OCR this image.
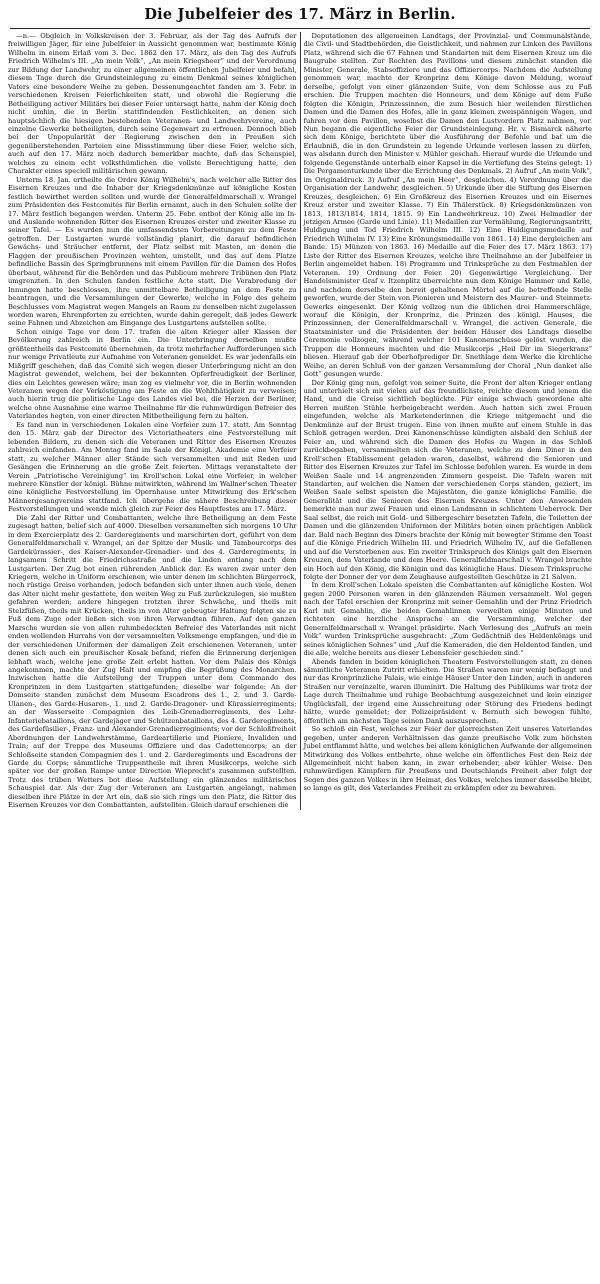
Die Jubelfeier des 17. März in Berlin.

—n.— Obgleich in Volkskreisen der 3. Februar, als der Tag des Aufrufs der freiwilligen Jäger, für eine Jubelfeier in Aussicht genommen war, bestimmte König Wilhelm in einem Erlaß vom 3. Dec. 1862 den 17. März, als den Tag des Aufrufs Friedrich Wilhelm's III. „An mein Volk“, „An mein Kriegsheer“ und der Verordnung zur Bildung der Landwehr, zu einer allgemeinen öffentlichen Jubelfeier und befahl, diesem Tage durch die Grundsteinlegung zu einem Denkmal seines königlichen Vaters eine besondere Weihe zu geben. Dessenungeachtet fanden am 3. Febr. in verschiedenen Kreisen Feierlichkeiten statt, und obwohl die Regierung die Betheiligung activer Militärs bei dieser Feier untersagt hatte, nahm der König doch nicht umhin, die in Berlin stattfindenden Festlichkeiten, an denen sich hauptsächlich die hiesigen bestehenden Veteranen- und Landwehrvereine, auch einzelne Gewerke betheiligten, durch seine Gegenwart zu erfreuen. Dennoch blieb bei der Unpopularität der Regierung zwischen den in Preußen sich gegenüberstehenden Parteien eine Missstimmung über diese Feier, welche sich, auch auf den 17. März noch dadurch bemerkbar machte, daß das Schauspiel, welches zu einem echt volksthümlichen die vollste Berechtigung hatte, den Charakter eines speciell militärischen gewann.

Unterm 18. Jan. ertheilte die Ordre König Wilhelm's, nach welcher alle Ritter des Eisernen Kreuzes und die Inhaber der Kriegsdenkmünze auf königliche Kosten festlich bewirthet werden sollten und wurde der Generalfeldmarschall v. Wrangel zum Präsidenten des Festcomités für Berlin ernannt, auch in den Schulen sollte der 17. März festlich begangen werden. Unterm 25. Febr. entbot der König alle im In- und Auslande wohnenden Ritter des Eisernen Kreuzes erster und zweiter Klasse zu seiner Tafel. — Es wurden nun die umfassendsten Vorbereitungen zu dem Feste getroffen. Der Lustgarten wurde vollständig planirt, die darauf befindlichen Gewächs- und Sträucher entfernt, der Platz selbst mit Masten, an denen die Flaggen der preußischen Provinzen wehten, umstellt, und das auf dem Platze befindliche Bassin des Springbrunnens mit einem Pavillon für die Damen des Hofes überbaut, während für die Behörden und das Publicum mehrere Tribünen den Platz umgrenzten. In den Schulen fanden festliche Acte statt. Die Verabredung der Innungen hatte beschlossen, ihre unmittelbare Betheiligung an dem Feste zu beantragen, und die Versammlungen der Gewerke, welche in Folge des geheim Beschlusses vom Magistrat wegen Mangels an Raum zu denselben nicht zugelassen worden waren, Ehrenpforten zu errichten, wurde dahin geregelt, daß jedes Gewerk seine Fahnen und Abzeichen am Eingange des Lustgartens aufstellen sollte.

Schon einige Tage vor dem 17. trafen die alten Krieger aller Klassen der Bevölkerung zahlreich in Berlin ein. Die Unterbringung derselben mußte größtentheils das Festcomité übernehmen, da trotz mehrfacher Aufforderungen sich nur wenige Privatleute zur Aufnahme von Veteranen gemeldet. Es war jedenfalls ein Mißgriff geschehen, daß das Comité sich wegen dieser Unterbringung nicht an den Magistrat gewendet, welchem, bei der bekannten Opferfreudigkeit der Berliner, dies ein Leichtes gewesen wäre; man zog es vielmehr vor, die in Berlin wohnenden Veteranen wegen der Verköstigung am Feste an die Wohlthätigkeit zu verweisen; auch hierin trug die politische Lage des Landes viel bei, die Herzen der Berliner, welche ohne Ausnahme eine warme Theilnahme für die ruhmwürdigen Befreier des Vaterlandes hegten, von einer directen Mitbetheiligung fern zu halten.

Es fand nun in verschiedenen Lokalen eine Vorfeier zum 17. statt. Am Sonntag den 15. März gab der Director des Victoriatheaters eine Festvorstellung mit lebenden Bildern, zu denen sich die Veteranen und Ritter des Eisernen Kreuzes zahlreich einfanden. Am Montag fand im Saale der Königl. Akademie eine Vorfeier statt, zu welcher Männer aller Stände sich versammelten und mit Reden und Gesängen die Erinnerung an die große Zeit feierten. Mittags veranstaltete der Verein „Patriotische Vereinigung“ im Kroll'schen Lokal eine Vorfeier, in welcher mehrere Künstler der königl. Bühne mitwirkten, während im Wallner'schen Theater eine königliche Festvorstellung im Opernhause unter Mitwirkung des Erk'schen Männergesangvereins stattfand. Ich übergehe die nähere Beschreibung dieser Festvorstellungen und wende mich gleich zur Feier des Hauptfestes am 17. März.

Die Zahl der Ritter und Combattanten, welche ihre Betheiligung an dem Feste zugesagt hatten, belief sich auf 4000. Dieselben versammelten sich morgens 10 Uhr in dem Exercierplatz des 2. Garderegiments und marschirten dort, geführt von dem Generalfeldmarschall v. Wrangel, an der Spitze der Musik- und Tambourcorps des Gardekürassier-, des Kaiser-Alexander-Grenadier- und des 4. Garderegiments, in langsamem Schritt die Friedrichsstraße und die Linden entlang nach dem Lustgarten. Der Zug bot einen rührenden Anblick dar. Es waren zwar unter den Kriegern, welche in Uniform erschienen, wie unter denen im schlichten Bürgerrock, noch rüstige Greise vorhanden, jedoch befanden sich unter ihnen auch viele, denen das Alter nicht mehr gestattete, den weiten Weg zu Fuß zurückzulegen, sie mußten gefahren werden; andere hingegen trotzten ihrer Schwäche, und theils mit Stelzfüßen, theils mit Krücken, theils in von Alter gebeugter Haltung folgten sie zu Fuß dem Zuge oder ließen sich von ihren Verwandten führen. Auf den ganzen Marsche wurden sie von allen ruhmbedeckten Befreier des Vaterlandes mit nicht enden wollenden Hurrahs von der versammelten Volksmenge empfangen, und die in der verschiedenen Uniformen der damaligen Zeit erschienenen Veteranen, unter denen sich auch ein preußischer Kosak befand, riefen die Erinnerung derjenigen lebhaft wach, welche jene große Zeit erlebt hatten. Vor dem Palais des Königs angekommen, machte der Zug Halt und empfing die Begrüßung des Monarchen. Inzwischen hatte die Aufstellung der Truppen unter dem Commando des Kronprinzen in dem Lustgarten stattgefunden; dieselbe war folgende: An der Domseite standen zunächst dem Museum Escadrons des 1., 2. und 3. Garde-Ulanen-, des Garde-Husaren-, 1. und 2. Garde-Dragoner- und Kürassierregiments; an der Wasserseite Compagnien des Leib-Grenadierregiments, des Lehr-Infanteriebataillons, der Gardejäger und Schützenbataillons, des 4. Garderegiments, des Gardefüsilier-, Franz- und Alexander-Grenadierregiments; vor der Schloßfreiheit Abordnungen der Landwehrstämme, Gardeartillerie und Pioniere, Invaliden und Train; auf der Treppe des Museums Offiziere und das Cadettencorps; an der Schloßseite standen Compagnien des 1. und 2. Garderegiments und Escadrons der Garde du Corps; sämmtliche Truppentheile mit ihren Musikcorps, welche sich später vor der großen Rampe unter Direction Wieprecht's zusammen aufstellten. Trotz des trüben Wetters bot diese Aufstellung ein glänzendes militärisches Schauspiel dar. Als der Zug der Veteranen am Lustgarten angelangt, nahmen dieselben ihre Plätze in der Art ein, daß sie sich rings um den Platz, die Ritter des Eisernen Kreuzes vor den Combattanten, aufstellten. Gleich darauf erschienen die

Deputationen des allgemeinen Landtags, der Provinzial- und Communalstände, die Civil- und Stadtbehörden, die Geistlichkeit, und nahmen zur Linken des Pavillons Platz, während sich die 67 Fahnen und Standarten mit dem Eisernen Kreuz um die Baugrube stellten. Zur Rechten des Pavillons und diesem zunächst standen die Minister, Generale, Stabsoffiziere und das Offiziercorps. Nachdem die Aufstellung genommen war, machte der Kronprinz dem Könige davon Meldung, worauf derselbe, gefolgt von einer glänzenden Suite, von dem Schlosse aus zu Fuß erschien. Die Truppen machten die Honneurs, und dem Könige auf dem Fuße folgten die Königin, Prinzessinnen, die zum Besuch hier weilenden fürstlichen Damen und die Damen des Hofes, alle in ganz kleinen zweispännigen Wagen, und fuhren vor dem Pavillon, woselbst die Damen den Lustvordern Platz nahmen, vor. Nun begann die eigentliche Feier der Grundsteinlegung. Hr. v. Bismarck näherte sich dem Könige, berichtete über die Ausführung der Befehle und bat um die Erlaubniß, die in den Grundstein zu legende Urkunde verlesen lassen zu dürfen, was alsdann durch den Minister v. Mühler geschah. Hierauf wurde die Urkunde und folgende Gegenstände unterhalb einer Kapsel in die Vertiefung des Steins gelegt: 1) Die Pergamenturkunde über die Errichtung des Denkmals. 2) Aufruf „An mein Volk“, im Originaldruck. 3) Aufruf „An mein Heer“, desgleichen. 4) Verordnung über die Organisation der Landwehr, desgleichen. 5) Urkunde über die Stiftung des Eisernen Kreuzes, desgleichen. 6) Ein Großkreuz des Eisernen Kreuzes und ein Eisernes Kreuz erster und zweiter Klasse. 7) Ein Thälerstück. 8) Kriegsdenkmünzen von 1813, 1813/1814, 1814, 1815. 9) Ein Landwehrkreuz. 10) Zwei Helmadler der jetzigen Armee (Garde und Linie). 11) Medaillen zur Vermählung, Regierungsantritt, Huldigung und Tod Friedrich Wilhelm III. 12) Eine Huldigungsmedaille auf Friedrich Wilhelm IV. 13) Eine Krönungsmedaille von 1861. 14) Eine dergleichen am Bande. 15) Münzen von 1863. 16) Medaille auf die Feier des 17. März 1863. 17) Liste der Ritter des Eisernen Kreuzes, welche ihre Theilnahme an der Jubelfeier in Berlin angemeldet haben. 18) Programm und Trinksprüche zu den Festmahlen der Veteranen. 19) Ordnung der Feier. 20) Gegenwärtige Vergleichung. Der Handelsminister Graf v. Itzenplitz überreichte nun dem Könige Hammer und Kelle, und nachdem derselbe den bereit gehaltenen Mörtel auf die betreffende Stelle geworfen, wurde der Stein von Pionieren und Meistern des Maurer- und Steinmetz-Gewerks eingesenkt. Der König vollzog nun die üblichen drei Hammerschläge, worauf die Königin, der Kronprinz, die Prinzen des königl. Hauses, die Prinzessinnen, der Generalfeldmarschall v. Wrangel, die activen Generale, die Staatsminister und die Präsidenten der beiden Häuser des Landtags dieselbe Ceremonie vollzogen, während welcher 101 Kanonenschüsse gelöst wurden, die Truppen die Honneurs machten und die Musikcorps „Heil Dir im Siegerkranz“ bliesen. Hierauf gab der Oberhofprediger Dr. Snethlage dem Werke die kirchliche Weihe, an deren Schluß von der ganzen Versammlung der Choral „Nun danket alle Gott“ gesungen wurde.

Der König ging nun, gefolgt von seiner Suite, die Front der alten Krieger entlang und unterhielt sich mit vielen auf das freundlichste, reichte diesem und jenem die Hand, und die Greise sichtlich beglückte. Für einige schwach gewordene alte Herren mußten Stühle herbeigebracht werden. Auch hatten sich zwei Frauen eingefunden, welche als Marketenderinnen die Kriege mitgemacht und die Denkmünze auf der Brust trugen. Eine von ihnen mußte auf einem Stuhle in das Schloß getragen werden. Drei Kanonenschüsse kündigten alsbald den Schluß der Feier an, und während sich die Damen des Hofes zu Wagen in das Schloß zurückbegaben, versammelten sich die Veteranen, welche zu dem Diner in den Kroll'schen Etablissement geladen waren, daselbst, während die Senioren und Ritter des Eisernen Kreuzes zur Tafel im Schlosse befohlen waren. Es wurde in dem Weißen Saale und 14 angrenzenden Zimmern gespeist. Die Tafeln waren mit Standarten, auf welchen die Namen der verschiedenen Corps standen, geziert, im Weißen Saale selbst speisten die Majestäten, die ganze königliche Familie, die Generalität und die Senioren des Eisernen Kreuzes. Unter den Anwesenden bemerkte man nur zwei Frauen und einen Landmann in schlichtem Ueberrock. Der Saal selbst, die reich mit Gold- und Silbergeschirr besetzten Tafeln, die Toiletten der Damen und die glänzenden Uniformen der Militärs boten einen prächtigen Anblick dar. Bald nach Beginn des Diners brachte der König mit bewegter Stimme den Toast auf die Könige Friedrich Wilhelm III. und Friedrich Wilhelm IV., auf die Gefallenen und auf die Verstorbenen aus. Ein zweiter Trinkspruch des Königs galt den Eisernen Kreuzen, dem Vaterlande und dem Heere. Generalfeldmarschall v. Wrangel brachte ein Hoch auf den König, die Königin und das königliche Haus. Diesem Trinkspruche folgte der Donner der vor dem Zeughause aufgestellten Geschütze in 21 Salven.

In dem Kroll'schen Lokale speisten die Combattanten auf königliche Kosten. Wol gegen 2000 Personen waren in den glänzenden Räumen versammelt. Wol gegen nach der Tafel erschien der Kronprinz mit seiner Gemahlin und der Prinz Friedrich Karl mit Gemahlin, die beiden Gemahlinnen verweilten einige Minuten und richteten eine herzliche Ansprache an die Versammlung, welcher der Generalfeldmarschall v. Wrangel präsidirte. Nach Verlesung des „Aufrufs an mein Volk“ wurden Trinksprüche ausgebracht: „Zum Gedächtniß des Heldenkönigs und seines königlichen Sohnes“ und „Auf die Kameraden, die den Heldentod fanden, und die alle, welche bereits aus dieser Lebensfeier geschieden sind.“

Abends fanden in beiden königlichen Theatern Festvorstellungen statt, zu denen sämmtliche Veteranen Zutritt erhielten. Die Straßen waren nur wenig beflaggt und nur das Kronprinzliche Palais, wie einige Häuser Unter den Linden, auch in anderen Straßen nur vereinzelte, waren illuminirt. Die Haltung des Publikums war trotz der Lage durch Theilnahme und ruhige Beobachtung ausgezeichnet und kein einziger Unglücksfall, der irgend eine Ausschreitung oder Störung des Friedens bedingt hätte, wurde gemeldet; der Polizeipräsident v. Bernuth sich bewogen fühlte, öffentlich am nächsten Tage seinen Dank auszusprechen.

So schloß ein Fest, welches zur Feier der glorreichsten Zeit unseres Vaterlandes gegeben, unter anderen Verhältnissen das ganze preußische Volk zum höchsten Jubel entflammt hätte, und welches bei allem königlichen Aufwande der allgemeinen Mitwirkung des Volkes entbehrte, ohne welche ein öffentliches Fest den Reiz der Allgemeinheit nicht haben kann, in zwar erhebender, aber kühler Weise. Den ruhmwürdigen Kämpfern für Preußens und Deutschlands Freiheit aber folgt der Segen des ganzen Volkes in ihre Heimat, des Volkes, welches immer dasselbe bleibt, so lange es gilt, des Vaterlandes Freiheit zu erkämpfen oder zu bewahren.
